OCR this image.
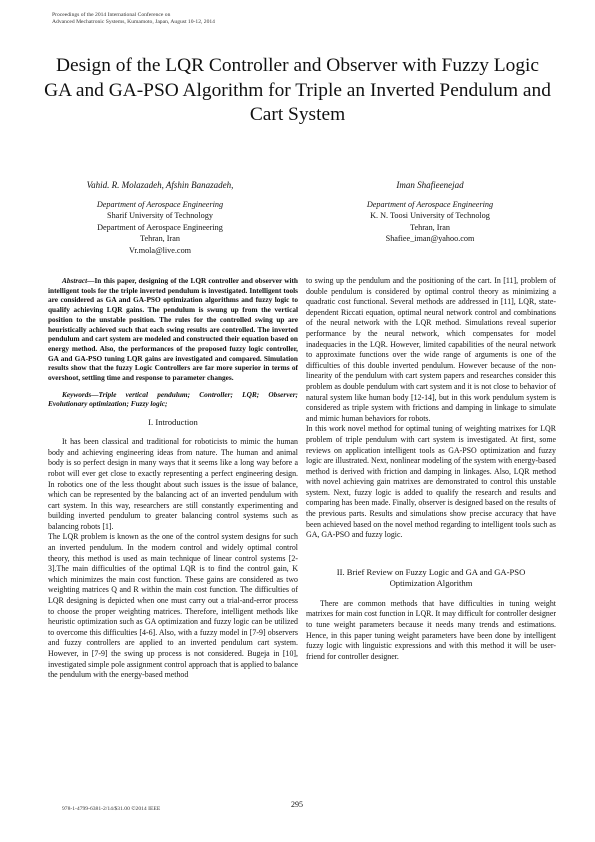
Proceedings of the 2014 International Conference on
Advanced Mechatronic Systems, Kumamoto, Japan, August 10-12, 2014
Design of the LQR Controller and Observer with Fuzzy Logic GA and GA-PSO Algorithm for Triple an Inverted Pendulum and Cart System
Vahid. R. Molazadeh, Afshin Banazadeh,
Department of Aerospace Engineering
Sharif University of Technology
Department of Aerospace Engineering
Tehran, Iran
Vr.mola@live.com
Iman Shafieenejad
Department of Aerospace Engineering
K. N. Toosi University of Technolog
Tehran, Iran
Shafiee_iman@yahoo.com

Abstract—In this paper, designing of the LQR controller and observer with intelligent tools for the triple inverted pendulum is investigated. Intelligent tools are considered as GA and GA-PSO optimization algorithms and fuzzy logic to qualify achieving LQR gains. The pendulum is swung up from the vertical position to the unstable position. The rules for the controlled swing up are heuristically achieved such that each swing results are controlled. The inverted pendulum and cart system are modeled and constructed their equation based on energy method. Also, the performances of the proposed fuzzy logic controller, GA and GA-PSO tuning LQR gains are investigated and compared. Simulation results show that the fuzzy Logic Controllers are far more superior in terms of overshoot, settling time and response to parameter changes.

Keywords—Triple vertical pendulum; Controller; LQR; Observer; Evolutionary optimization; Fuzzy logic;

I. Introduction

It has been classical and traditional for roboticists to mimic the human body and achieving engineering ideas from nature. The human and animal body is so perfect design in many ways that it seems like a long way before a robot will ever get close to exactly representing a perfect engineering design. In robotics one of the less thought about such issues is the issue of balance, which can be represented by the balancing act of an inverted pendulum with cart system. In this way, researchers are still constantly experimenting and building inverted pendulum to greater balancing control systems such as balancing robots [1].

The LQR problem is known as the one of the control system designs for such an inverted pendulum. In the modern control and widely optimal control theory, this method is used as main technique of linear control systems [2-3].The main difficulties of the optimal LQR is to find the control gain, K which minimizes the main cost function. These gains are considered as two weighting matrices Q and R within the main cost function. The difficulties of LQR designing is depicted when one must carry out a trial-and-error process to choose the proper weighting matrices. Therefore, intelligent methods like heuristic optimization such as GA optimization and fuzzy logic can be utilized to overcome this difficulties [4-6]. Also, with a fuzzy model in [7-9] observers and fuzzy controllers are applied to an inverted pendulum cart system. However, in [7-9] the swing up process is not considered. Bugeja in [10], investigated simple pole assignment control approach that is applied to balance the pendulum with the energy-based method

to swing up the pendulum and the positioning of the cart. In [11], problem of double pendulum is considered by optimal control theory as minimizing a quadratic cost functional. Several methods are addressed in [11], LQR, state-dependent Riccati equation, optimal neural network control and combinations of the neural network with the LQR method. Simulations reveal superior performance by the neural network, which compensates for model inadequacies in the LQR. However, limited capabilities of the neural network to approximate functions over the wide range of arguments is one of the difficulties of this double inverted pendulum. However because of the non-linearity of the pendulum with cart system papers and researches consider this problem as double pendulum with cart system and it is not close to behavior of natural system like human body [12-14], but in this work pendulum system is considered as triple system with frictions and damping in linkage to simulate and mimic human behaviors for robots.

In this work novel method for optimal tuning of weighting matrixes for LQR problem of triple pendulum with cart system is investigated. At first, some reviews on application intelligent tools as GA-PSO optimization and fuzzy logic are illustrated. Next, nonlinear modeling of the system with energy-based method is derived with friction and damping in linkages. Also, LQR method with novel achieving gain matrixes are demonstrated to control this unstable system. Next, fuzzy logic is added to qualify the research and results and comparing has been made. Finally, observer is designed based on the results of the previous parts. Results and simulations show precise accuracy that have been achieved based on the novel method regarding to intelligent tools such as GA, GA-PSO and fuzzy logic.

II. Brief Review on Fuzzy Logic and GA and GA-PSO
Optimization Algorithm

There are common methods that have difficulties in tuning weight matrixes for main cost function in LQR. It may difficult for controller designer to tune weight parameters because it needs many trends and estimations. Hence, in this paper tuning weight parameters have been done by intelligent fuzzy logic with linguistic expressions and with this method it will be user-friend for controller designer.

978-1-4799-6381-2/14/$31.00 ©2014 IEEE	295
